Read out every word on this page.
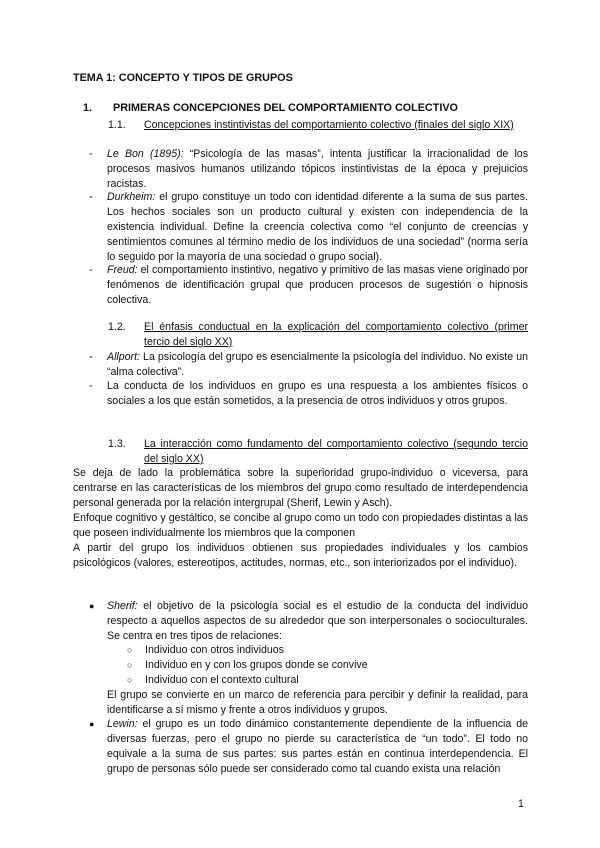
TEMA 1: CONCEPTO Y TIPOS DE GRUPOS
1. PRIMERAS CONCEPCIONES DEL COMPORTAMIENTO COLECTIVO
1.1. Concepciones instintivistas del comportamiento colectivo (finales del siglo XIX)
- Le Bon (1895): “Psicología de las masas”, intenta justificar la irracionalidad de los procesos masivos humanos utilizando tópicos instintivistas de la época y prejuicios racistas.
- Durkheim: el grupo constituye un todo con identidad diferente a la suma de sus partes. Los hechos sociales son un producto cultural y existen con independencia de la existencia individual. Define la creencia colectiva como “el conjunto de creencias y sentimientos comunes al término medio de los individuos de una sociedad” (norma sería lo seguido por la mayoría de una sociedad o grupo social).
- Freud: el comportamiento instintivo, negativo y primitivo de las masas viene originado por fenómenos de identificación grupal que producen procesos de sugestión o hipnosis colectiva.
1.2. El énfasis conductual en la explicación del comportamiento colectivo (primer tercio del siglo XX)
- Allport: La psicología del grupo es esencialmente la psicología del individuo. No existe un “alma colectiva”.
- La conducta de los individuos en grupo es una respuesta a los ambientes físicos o sociales a los que están sometidos, a la presencia de otros individuos y otros grupos.
1.3. La interacción como fundamento del comportamiento colectivo (segundo tercio del siglo XX)
Se deja de lado la problemática sobre la superioridad grupo-individuo o viceversa, para centrarse en las características de los miembros del grupo como resultado de interdependencia personal generada por la relación intergrupal (Sherif, Lewin y Asch).
Enfoque cognitivo y gestáltico, se concibe al grupo como un todo con propiedades distintas a las que poseen individualmente los miembros que la componen
A partir del grupo los individuos obtienen sus propiedades individuales y los cambios psicológicos (valores, estereotipos, actitudes, normas, etc., son interiorizados por el individuo).
● Sherif: el objetivo de la psicología social es el estudio de la conducta del individuo respecto a aquellos aspectos de su alrededor que son interpersonales o socioculturales. Se centra en tres tipos de relaciones:
○ Individuo con otros individuos
○ Individuo en y con los grupos donde se convive
○ Individuo con el contexto cultural
El grupo se convierte en un marco de referencia para percibir y definir la realidad, para identificarse a sí mismo y frente a otros individuos y grupos.
● Lewin: el grupo es un todo dinámico constantemente dependiente de la influencia de diversas fuerzas, pero el grupo no pierde su característica de “un todo”. El todo no equivale a la suma de sus partes: sus partes están en continua interdependencia. El grupo de personas sólo puede ser considerado como tal cuando exista una relación
1
